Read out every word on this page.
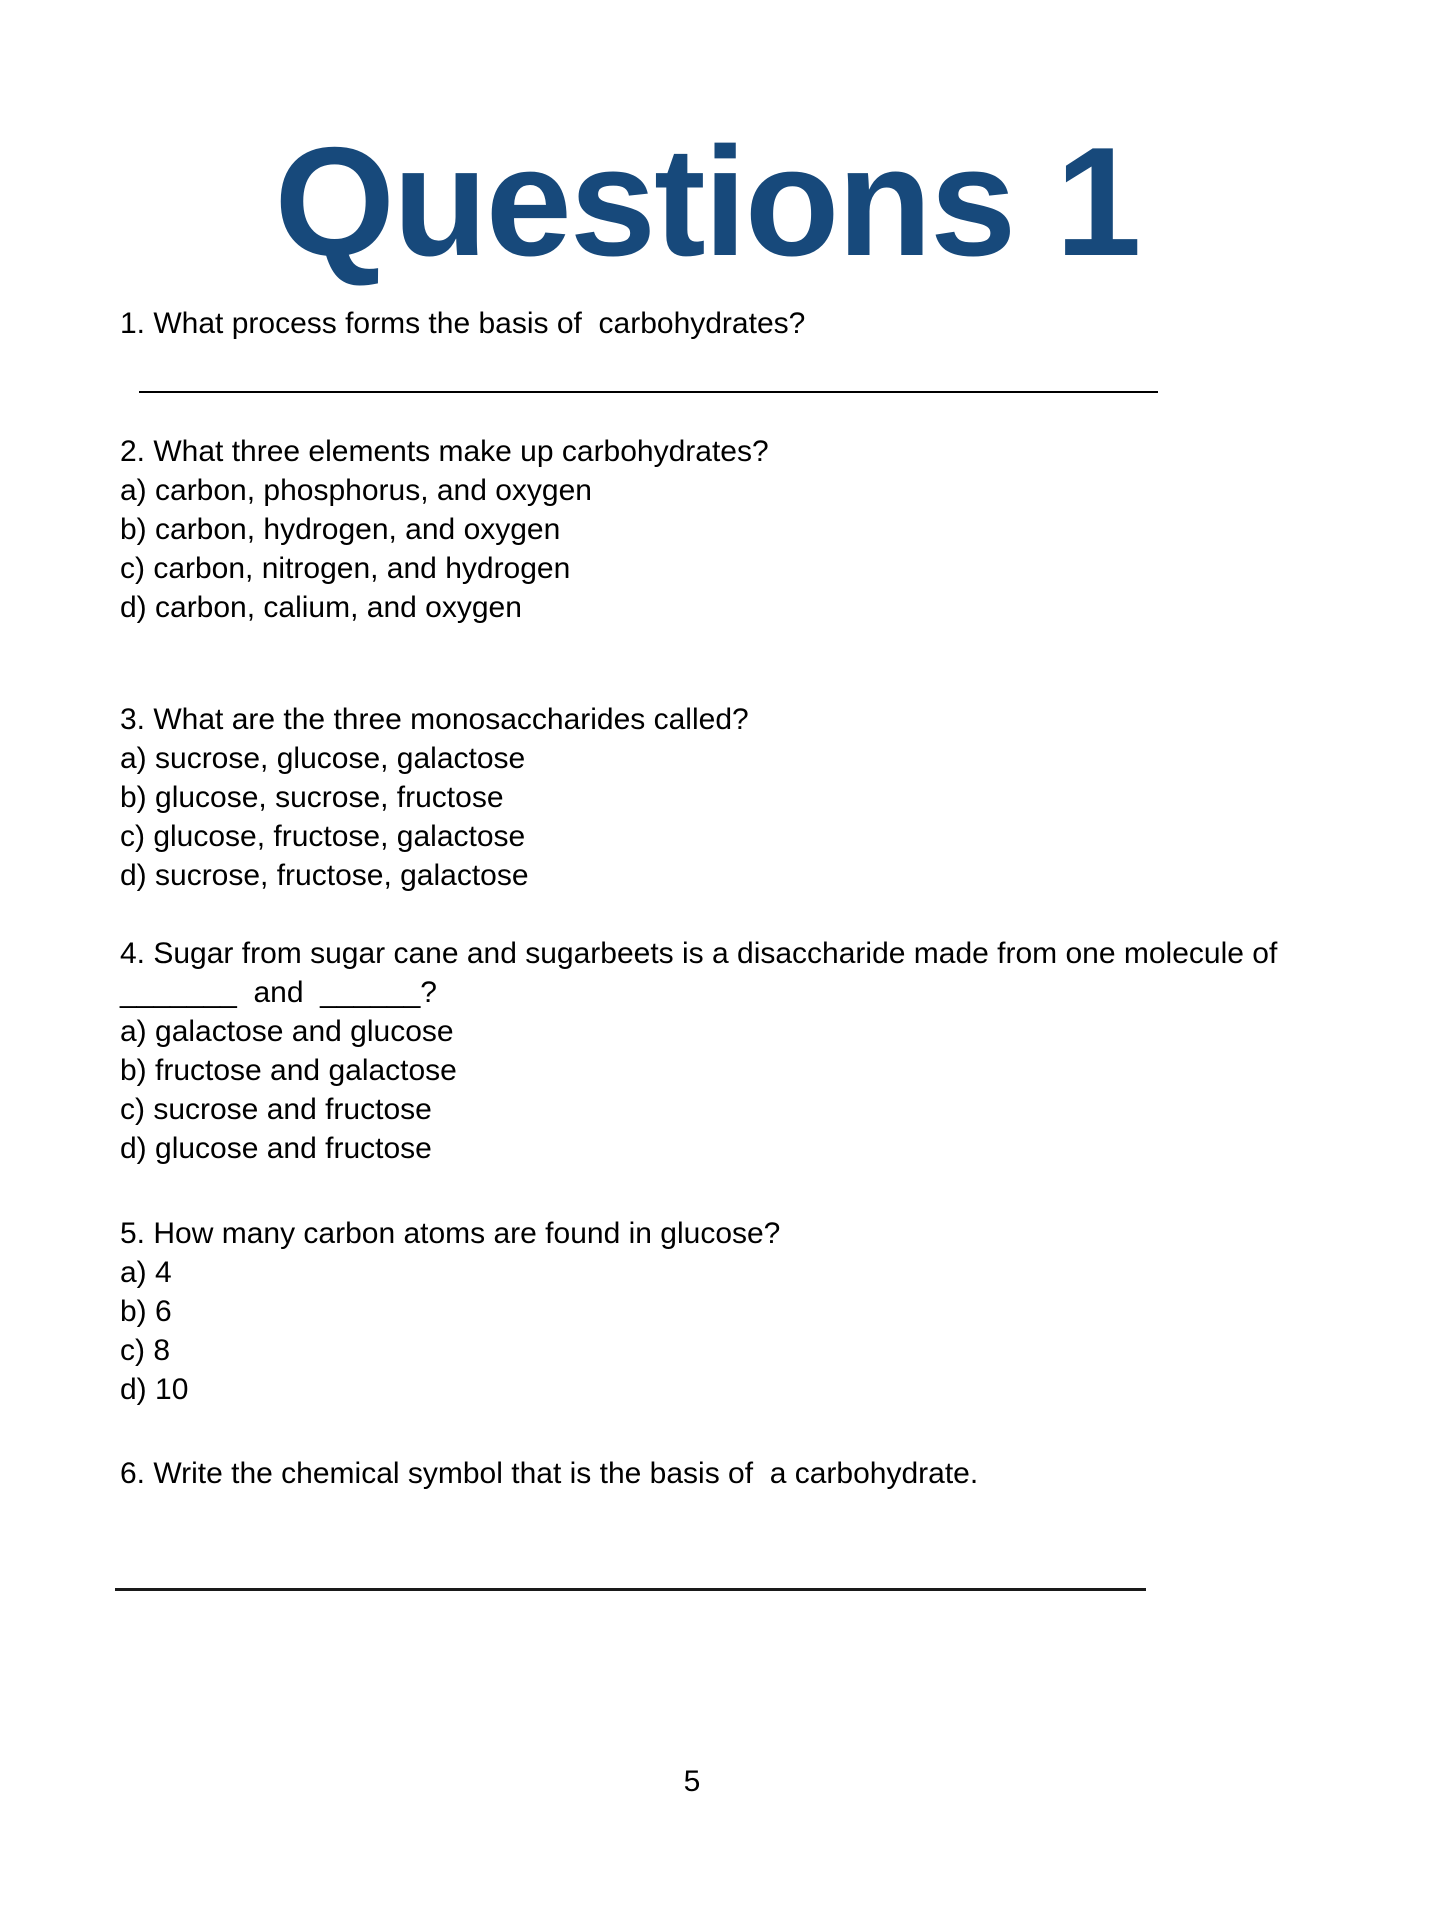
Questions 1
1. What process forms the basis of  carbohydrates?
2. What three elements make up carbohydrates?
a) carbon, phosphorus, and oxygen
b) carbon, hydrogen, and oxygen
c) carbon, nitrogen, and hydrogen
d) carbon, calium, and oxygen
3. What are the three monosaccharides called?
a) sucrose, glucose, galactose
b) glucose, sucrose, fructose
c) glucose, fructose, galactose
d) sucrose, fructose, galactose
4. Sugar from sugar cane and sugarbeets is a disaccharide made from one molecule of
_______  and  ______?
a) galactose and glucose
b) fructose and galactose
c) sucrose and fructose
d) glucose and fructose
5. How many carbon atoms are found in glucose?
a) 4
b) 6
c) 8
d) 10
6. Write the chemical symbol that is the basis of  a carbohydrate.
5
